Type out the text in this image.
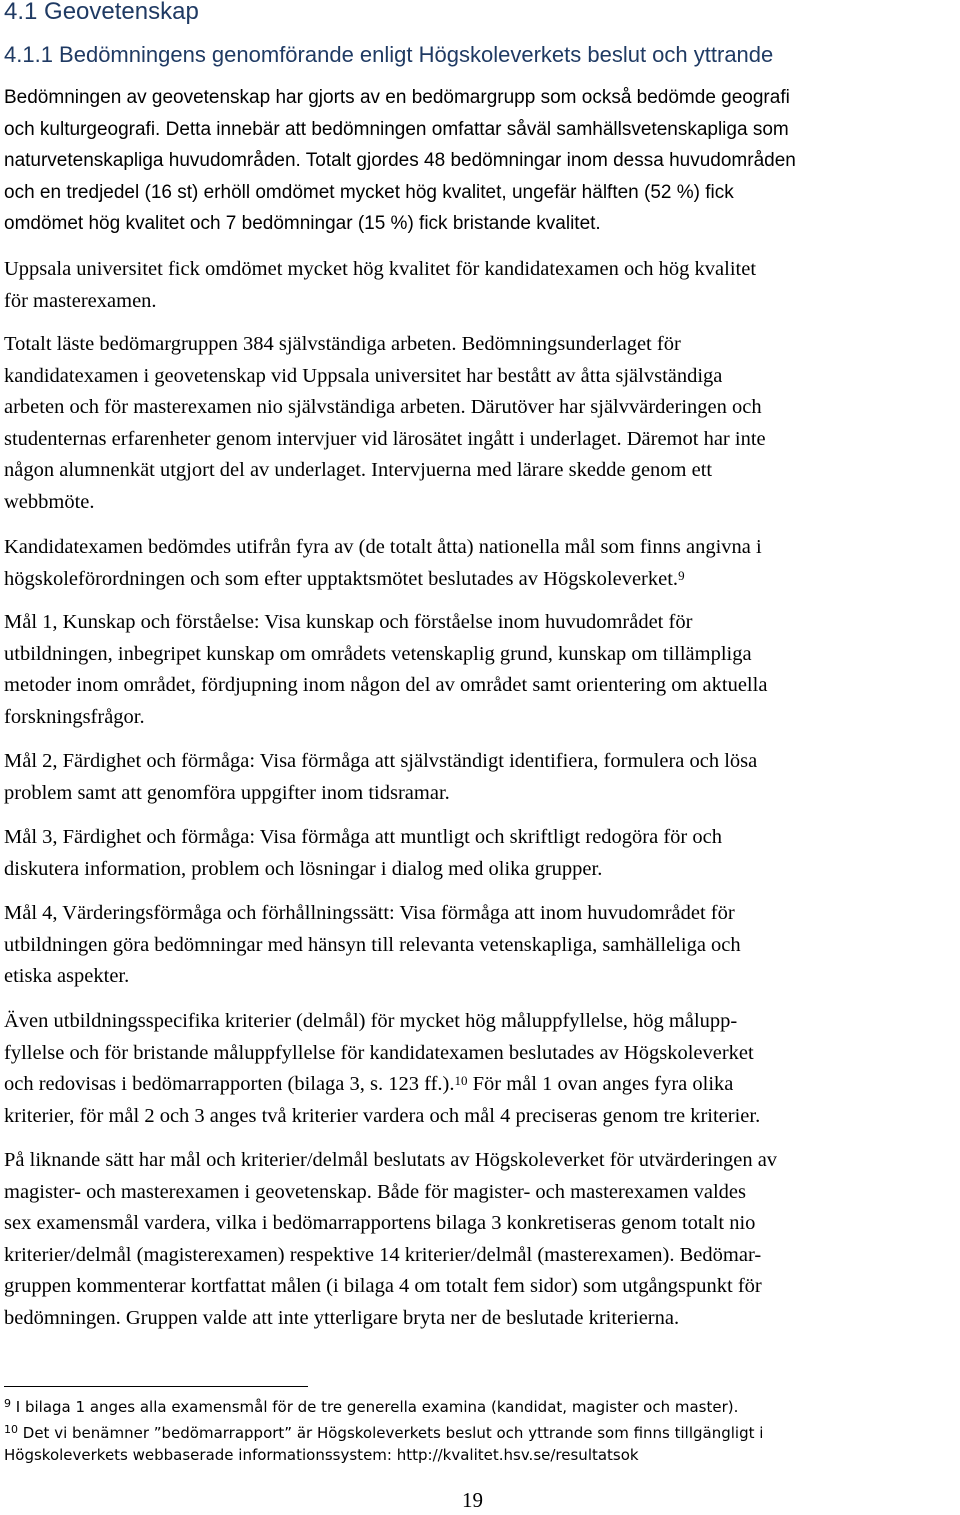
4.1 Geovetenskap
4.1.1 Bedömningens genomförande enligt Högskoleverkets beslut och yttrande
Bedömningen av geovetenskap har gjorts av en bedömargrupp som också bedömde geografi
och kulturgeografi. Detta innebär att bedömningen omfattar såväl samhällsvetenskapliga som
naturvetenskapliga huvudområden. Totalt gjordes 48 bedömningar inom dessa huvudområden
och en tredjedel (16 st) erhöll omdömet mycket hög kvalitet, ungefär hälften (52 %) fick
omdömet hög kvalitet och 7 bedömningar (15 %) fick bristande kvalitet.
Uppsala universitet fick omdömet mycket hög kvalitet för kandidatexamen och hög kvalitet
för masterexamen.
Totalt läste bedömargruppen 384 självständiga arbeten. Bedömningsunderlaget för
kandidatexamen i geovetenskap vid Uppsala universitet har bestått av åtta självständiga
arbeten och för masterexamen nio självständiga arbeten. Därutöver har självvärderingen och
studenternas erfarenheter genom intervjuer vid lärosätet ingått i underlaget. Däremot har inte
någon alumnenkät utgjort del av underlaget. Intervjuerna med lärare skedde genom ett
webbmöte.
Kandidatexamen bedömdes utifrån fyra av (de totalt åtta) nationella mål som finns angivna i
högskoleförordningen och som efter upptaktsmötet beslutades av Högskoleverket.$^9$
Mål 1, Kunskap och förståelse: Visa kunskap och förståelse inom huvudområdet för
utbildningen, inbegripet kunskap om områdets vetenskaplig grund, kunskap om tillämpliga
metoder inom området, fördjupning inom någon del av området samt orientering om aktuella
forskningsfrågor.
Mål 2, Färdighet och förmåga: Visa förmåga att självständigt identifiera, formulera och lösa
problem samt att genomföra uppgifter inom tidsramar.
Mål 3, Färdighet och förmåga: Visa förmåga att muntligt och skriftligt redogöra för och
diskutera information, problem och lösningar i dialog med olika grupper.
Mål 4, Värderingsförmåga och förhållningssätt: Visa förmåga att inom huvudområdet för
utbildningen göra bedömningar med hänsyn till relevanta vetenskapliga, samhälleliga och
etiska aspekter.
Även utbildningsspecifika kriterier (delmål) för mycket hög måluppfyllelse, hög målupp-
fyllelse och för bristande måluppfyllelse för kandidatexamen beslutades av Högskoleverket
och redovisas i bedömarrapporten (bilaga 3, s. 123 ff.).$^{10}$ För mål 1 ovan anges fyra olika
kriterier, för mål 2 och 3 anges två kriterier vardera och mål 4 preciseras genom tre kriterier.
På liknande sätt har mål och kriterier/delmål beslutats av Högskoleverket för utvärderingen av
magister- och masterexamen i geovetenskap. Både för magister- och masterexamen valdes
sex examensmål vardera, vilka i bedömarrapportens bilaga 3 konkretiseras genom totalt nio
kriterier/delmål (magisterexamen) respektive 14 kriterier/delmål (masterexamen). Bedömar-
gruppen kommenterar kortfattat målen (i bilaga 4 om totalt fem sidor) som utgångspunkt för
bedömningen. Gruppen valde att inte ytterligare bryta ner de beslutade kriterierna.
$^9$ I bilaga 1 anges alla examensmål för de tre generella examina (kandidat, magister och master).
$^{10}$ Det vi benämner ”bedömarrapport” är Högskoleverkets beslut och yttrande som finns tillgängligt i
Högskoleverkets webbaserade informationssystem: http://kvalitet.hsv.se/resultatsok
19
